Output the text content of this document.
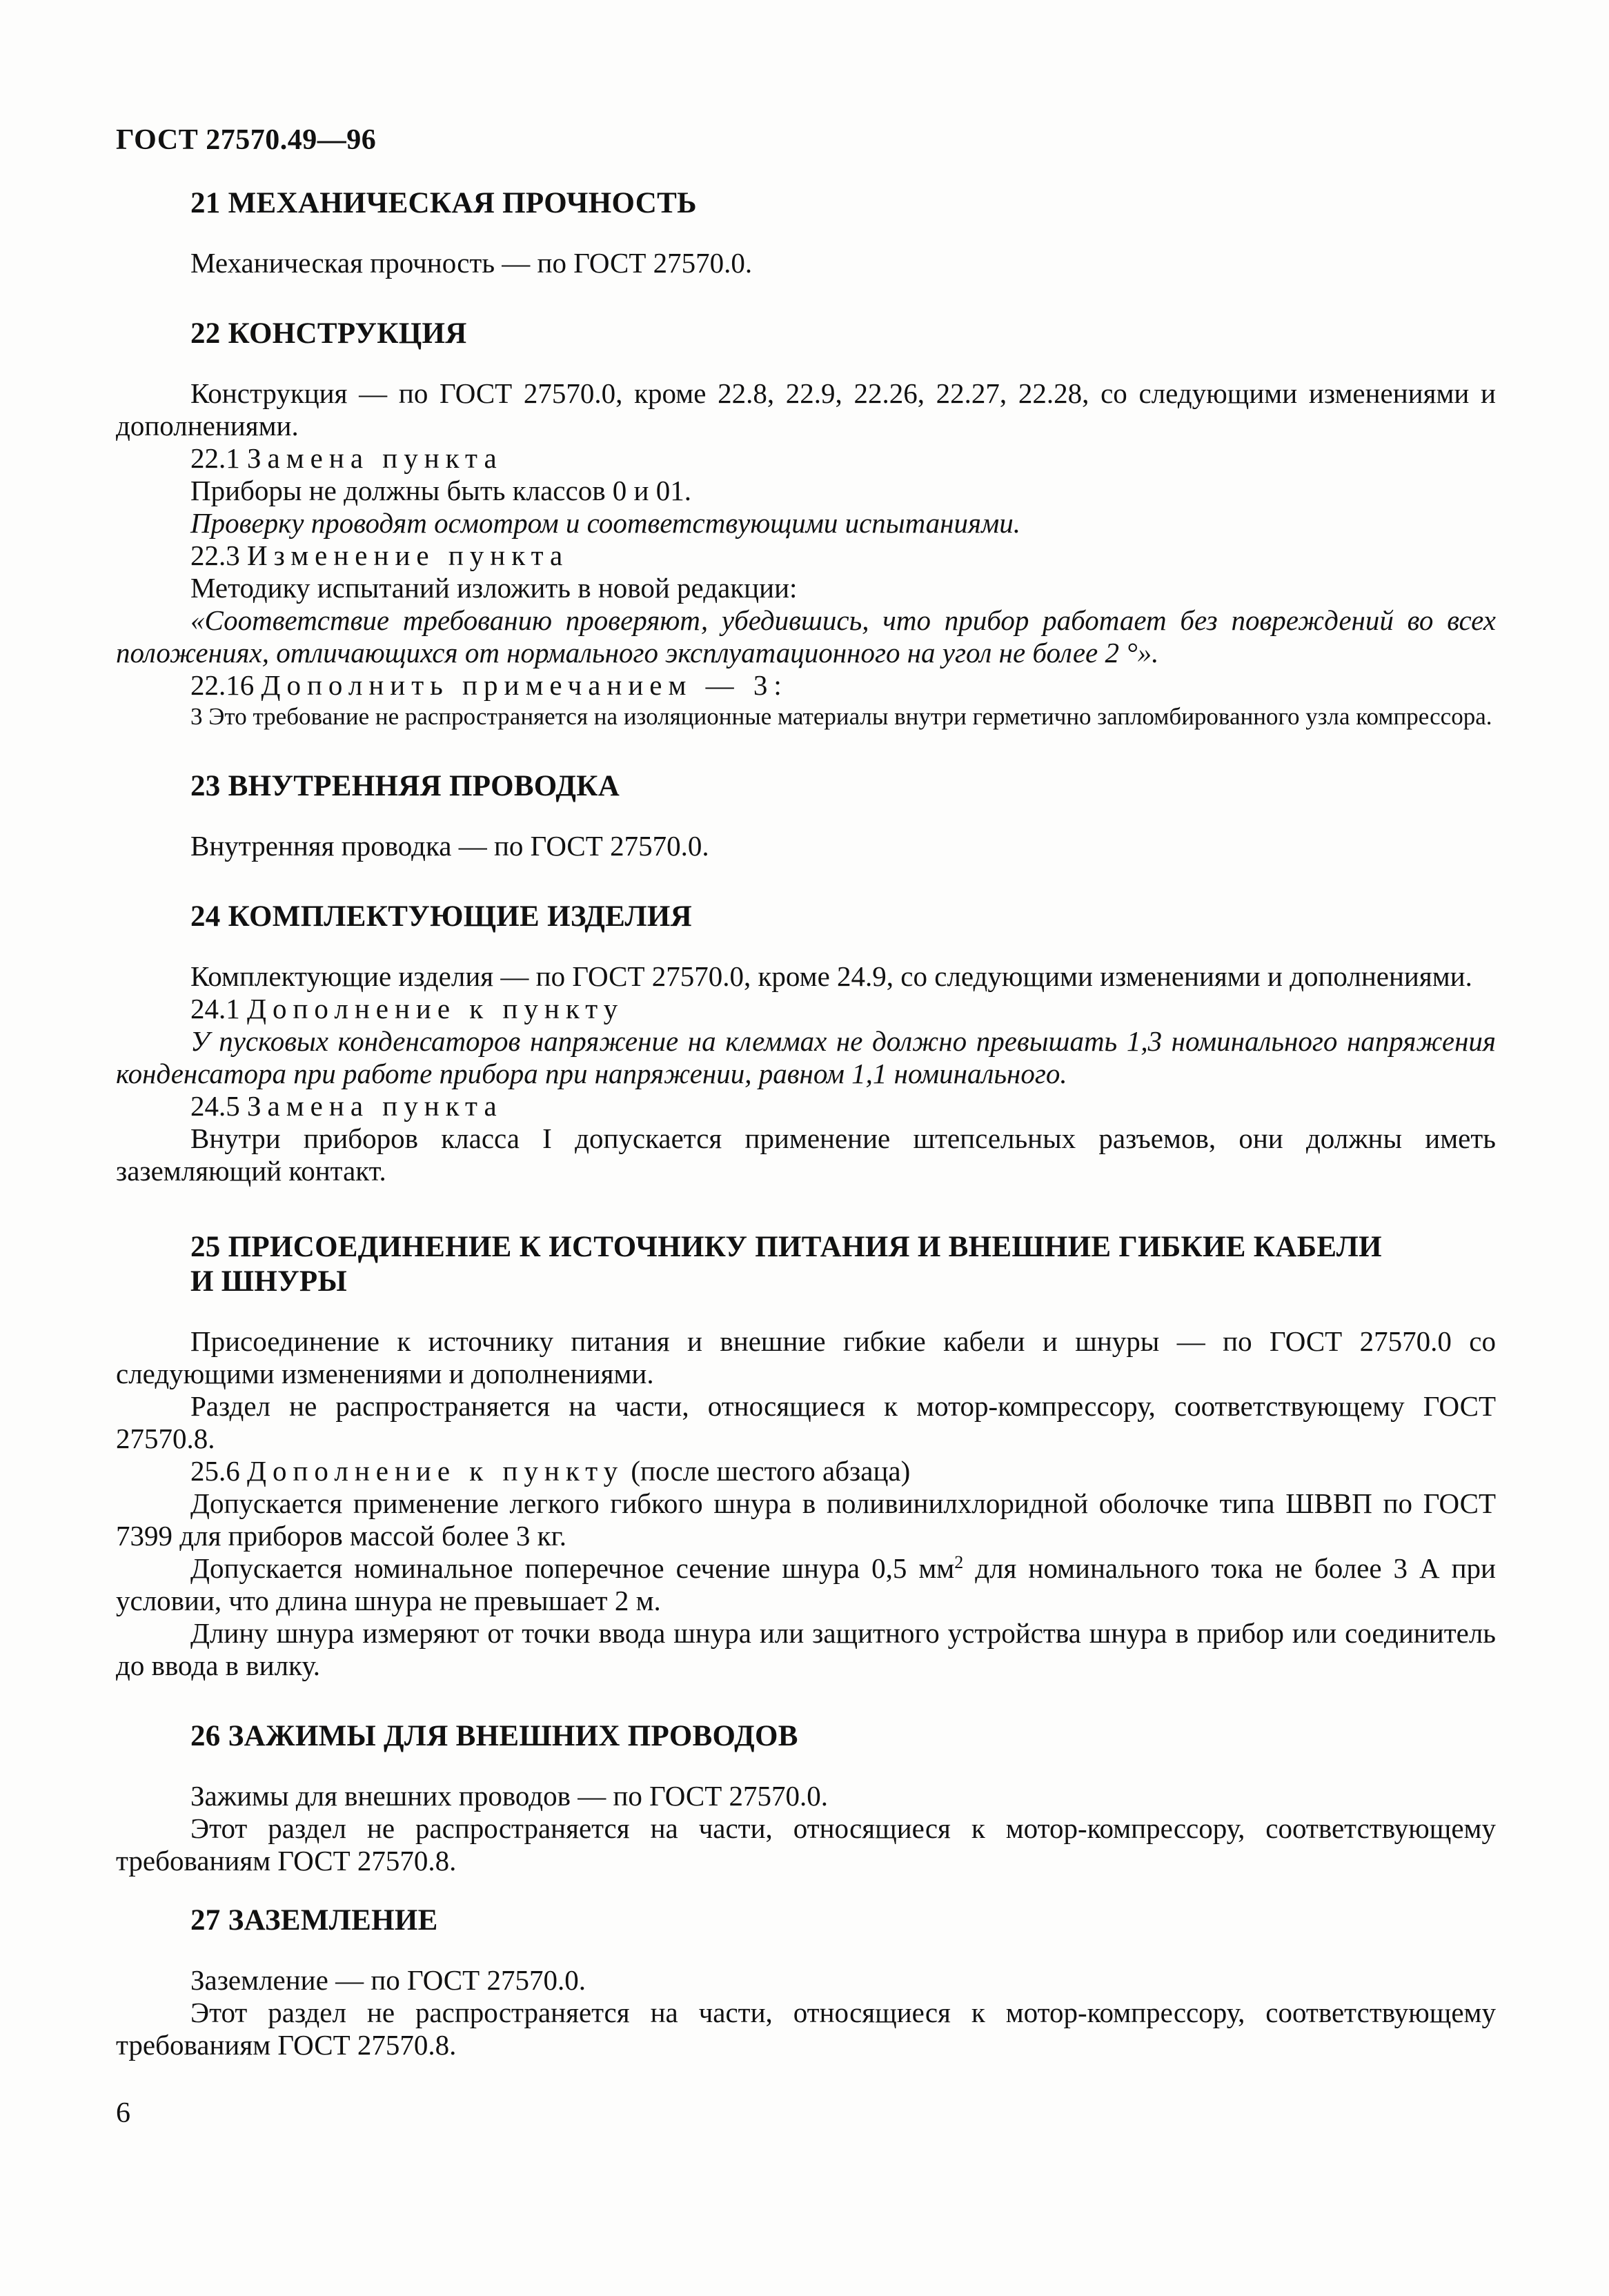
ГОСТ 27570.49—96
21 МЕХАНИЧЕСКАЯ ПРОЧНОСТЬ

Механическая прочность — по ГОСТ 27570.0.

22 КОНСТРУКЦИЯ

Конструкция — по ГОСТ 27570.0, кроме 22.8, 22.9, 22.26, 22.27, 22.28, со следующими изменениями и дополнениями.

22.1 Замена пункта

Приборы не должны быть классов 0 и 01.

Проверку проводят осмотром и соответствующими испытаниями.

22.3 Изменение пункта

Методику испытаний изложить в новой редакции:

«Соответствие требованию проверяют, убедившись, что прибор работает без повреждений во всех положениях, отличающихся от нормального эксплуатационного на угол не более 2 °».

22.16 Дополнить примечанием — 3:

3 Это требование не распространяется на изоляционные материалы внутри герметично запломбированного узла компрессора.

23 ВНУТРЕННЯЯ ПРОВОДКА

Внутренняя проводка — по ГОСТ 27570.0.

24 КОМПЛЕКТУЮЩИЕ ИЗДЕЛИЯ

Комплектующие изделия — по ГОСТ 27570.0, кроме 24.9, со следующими изменениями и дополнениями.

24.1 Дополнение к пункту

У пусковых конденсаторов напряжение на клеммах не должно превышать 1,3 номинального напряжения конденсатора при работе прибора при напряжении, равном 1,1 номинального.

24.5 Замена пункта

Внутри приборов класса I допускается применение штепсельных разъемов, они должны иметь заземляющий контакт.

25 ПРИСОЕДИНЕНИЕ К ИСТОЧНИКУ ПИТАНИЯ И ВНЕШНИЕ ГИБКИЕ КАБЕЛИ
И ШНУРЫ

Присоединение к источнику питания и внешние гибкие кабели и шнуры — по ГОСТ 27570.0 со следующими изменениями и дополнениями.

Раздел не распространяется на части, относящиеся к мотор-компрессору, соответствующему ГОСТ 27570.8.

25.6 Дополнение к пункту (после шестого абзаца)

Допускается применение легкого гибкого шнура в поливинилхлоридной оболочке типа ШВВП по ГОСТ 7399 для приборов массой более 3 кг.

Допускается номинальное поперечное сечение шнура 0,5 $мм^2$ для номинального тока не более 3 А при условии, что длина шнура не превышает 2 м.

Длину шнура измеряют от точки ввода шнура или защитного устройства шнура в прибор или соединитель до ввода в вилку.

26 ЗАЖИМЫ ДЛЯ ВНЕШНИХ ПРОВОДОВ

Зажимы для внешних проводов — по ГОСТ 27570.0.

Этот раздел не распространяется на части, относящиеся к мотор-компрессору, соответствующему требованиям ГОСТ 27570.8.

27 ЗАЗЕМЛЕНИЕ

Заземление — по ГОСТ 27570.0.

Этот раздел не распространяется на части, относящиеся к мотор-компрессору, соответствующему требованиям ГОСТ 27570.8.

6
